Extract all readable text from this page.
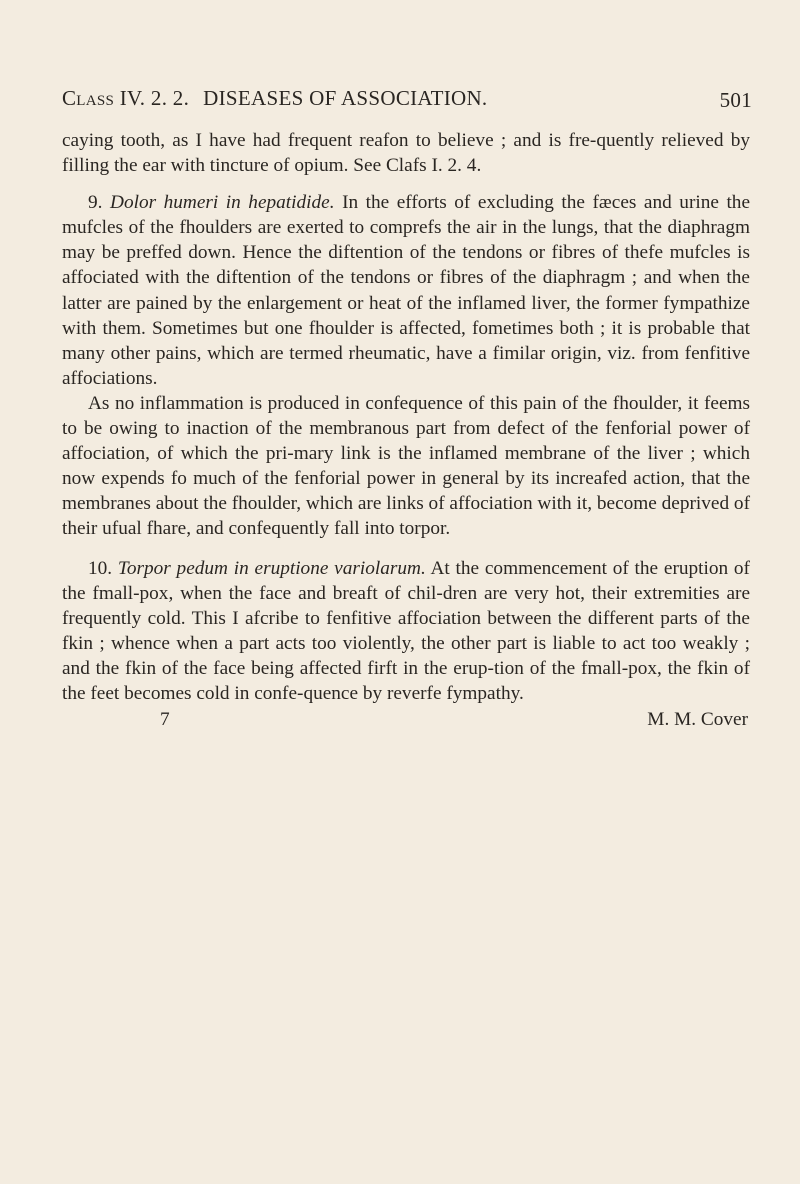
Class IV. 2. 2. DISEASES OF ASSOCIATION.	501

caying tooth, as I have had frequent reafon to believe ; and is fre-quently relieved by filling the ear with tincture of opium. See Clafs I. 2. 4.

9. Dolor humeri in hepatidide. In the efforts of excluding the fæces and urine the mufcles of the fhoulders are exerted to comprefs the air in the lungs, that the diaphragm may be preffed down. Hence the diftention of the tendons or fibres of thefe mufcles is affociated with the diftention of the tendons or fibres of the diaphragm ; and when the latter are pained by the enlargement or heat of the inflamed liver, the former fympathize with them. Sometimes but one fhoulder is affected, fometimes both ; it is probable that many other pains, which are termed rheumatic, have a fimilar origin, viz. from fenfitive affociations.

As no inflammation is produced in confequence of this pain of the fhoulder, it feems to be owing to inaction of the membranous part from defect of the fenforial power of affociation, of which the pri-mary link is the inflamed membrane of the liver ; which now expends fo much of the fenforial power in general by its increafed action, that the membranes about the fhoulder, which are links of affociation with it, become deprived of their ufual fhare, and confequently fall into torpor.

10. Torpor pedum in eruptione variolarum. At the commencement of the eruption of the fmall-pox, when the face and breaft of chil-dren are very hot, their extremities are frequently cold. This I afcribe to fenfitive affociation between the different parts of the fkin ; whence when a part acts too violently, the other part is liable to act too weakly ; and the fkin of the face being affected firft in the erup-tion of the fmall-pox, the fkin of the feet becomes cold in confe-quence by reverfe fympathy.

7	M. M. Cover
